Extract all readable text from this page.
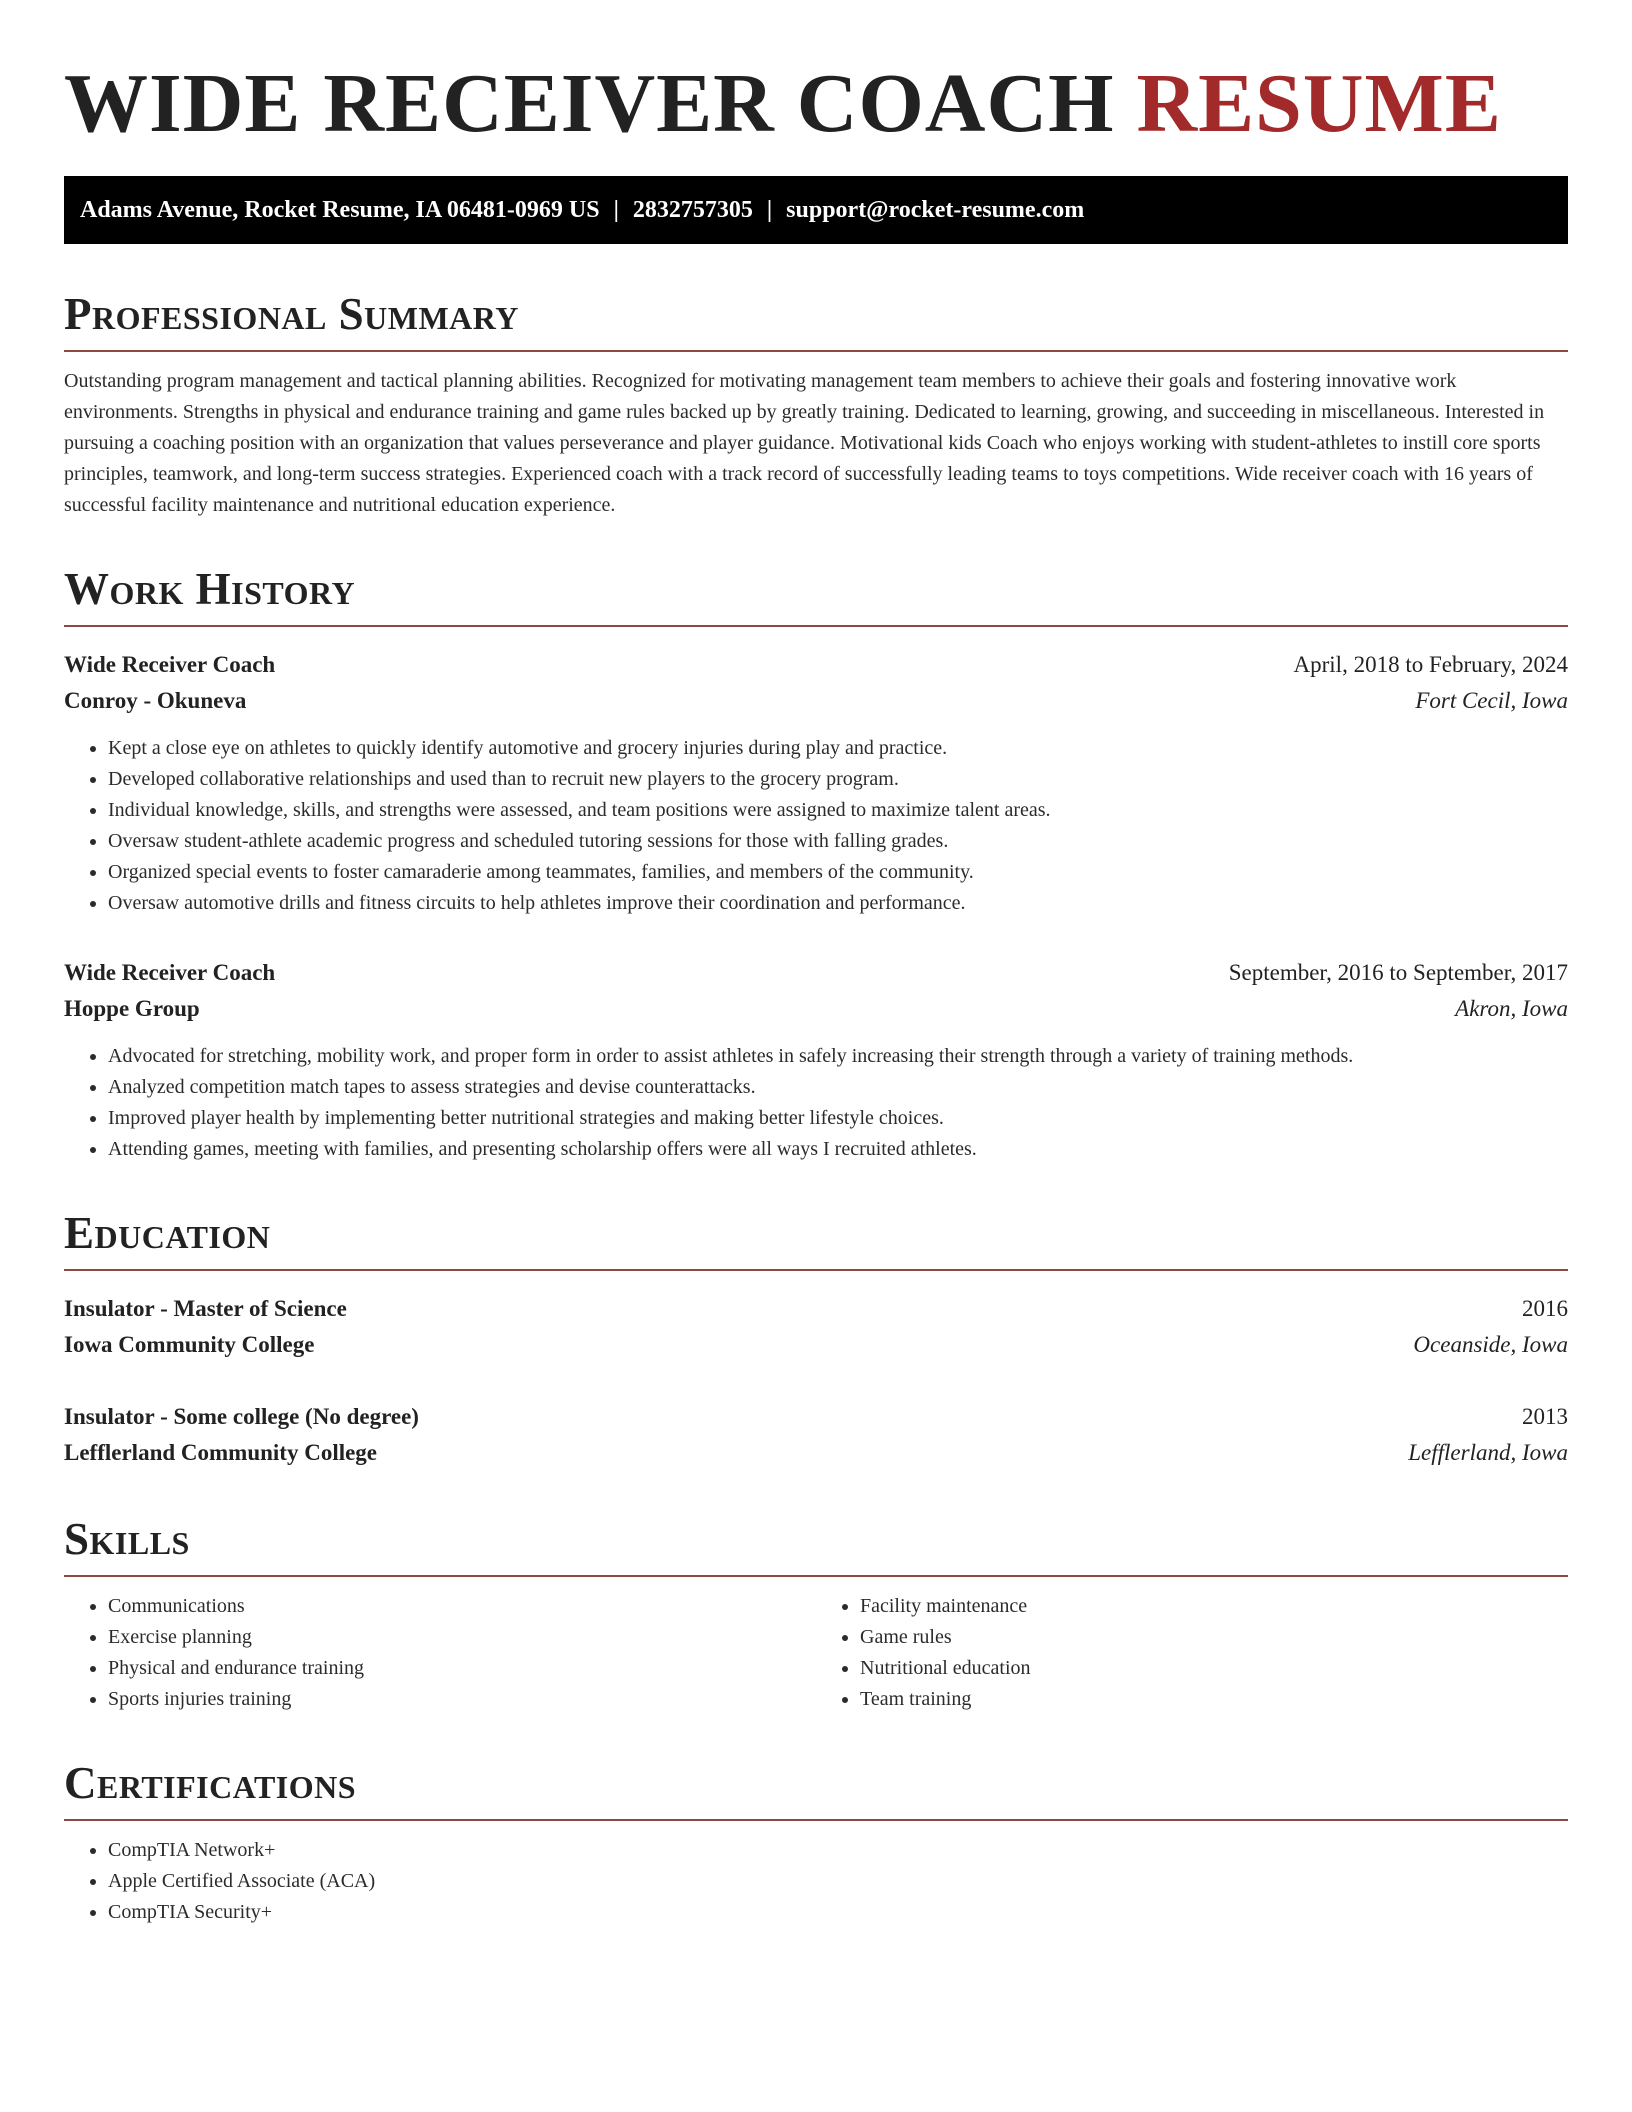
WIDE RECEIVER COACH RESUME
Adams Avenue, Rocket Resume, IA 06481-0969 US | 2832757305 | support@rocket-resume.com
Professional Summary

Outstanding program management and tactical planning abilities. Recognized for motivating management team members to achieve their goals and fostering innovative work environments. Strengths in physical and endurance training and game rules backed up by greatly training. Dedicated to learning, growing, and succeeding in miscellaneous. Interested in pursuing a coaching position with an organization that values perseverance and player guidance. Motivational kids Coach who enjoys working with student-athletes to instill core sports principles, teamwork, and long-term success strategies. Experienced coach with a track record of successfully leading teams to toys competitions. Wide receiver coach with 16 years of successful facility maintenance and nutritional education experience.

Work History
Wide Receiver Coach	April, 2018 to February, 2024
Conroy - Okuneva	Fort Cecil, Iowa
• Kept a close eye on athletes to quickly identify automotive and grocery injuries during play and practice.
• Developed collaborative relationships and used than to recruit new players to the grocery program.
• Individual knowledge, skills, and strengths were assessed, and team positions were assigned to maximize talent areas.
• Oversaw student-athlete academic progress and scheduled tutoring sessions for those with falling grades.
• Organized special events to foster camaraderie among teammates, families, and members of the community.
• Oversaw automotive drills and fitness circuits to help athletes improve their coordination and performance.
Wide Receiver Coach	September, 2016 to September, 2017
Hoppe Group	Akron, Iowa
• Advocated for stretching, mobility work, and proper form in order to assist athletes in safely increasing their strength through a variety of training methods.
• Analyzed competition match tapes to assess strategies and devise counterattacks.
• Improved player health by implementing better nutritional strategies and making better lifestyle choices.
• Attending games, meeting with families, and presenting scholarship offers were all ways I recruited athletes.
Education
Insulator - Master of Science	2016
Iowa Community College	Oceanside, Iowa
Insulator - Some college (No degree)	2013
Lefflerland Community College	Lefflerland, Iowa
Skills
• Communications
• Exercise planning
• Physical and endurance training
• Sports injuries training
• Facility maintenance
• Game rules
• Nutritional education
• Team training
Certifications
• CompTIA Network+
• Apple Certified Associate (ACA)
• CompTIA Security+
